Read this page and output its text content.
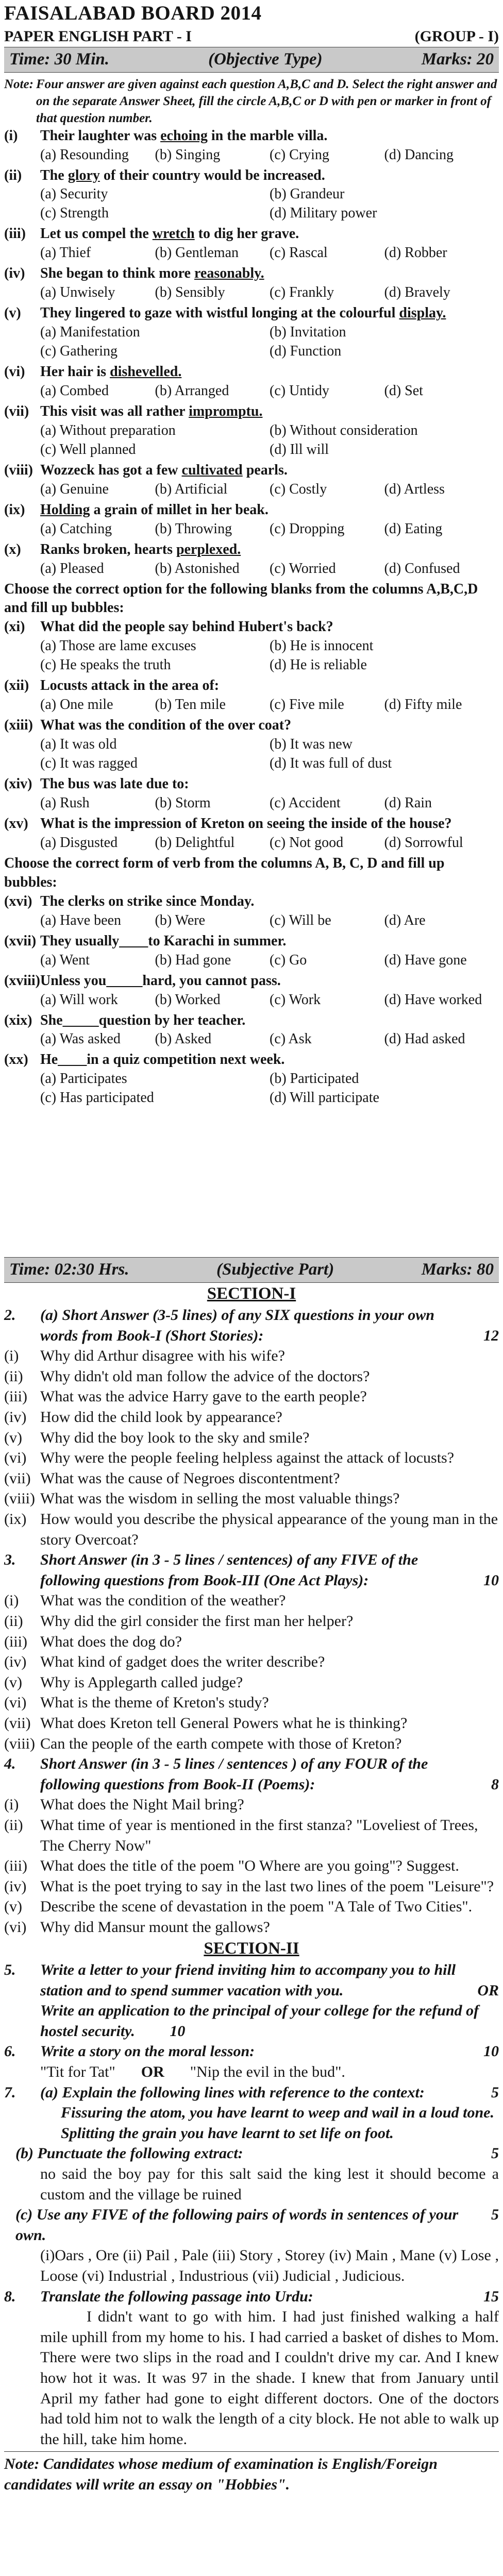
FAISALABAD BOARD 2014
PAPER ENGLISH PART - I	(GROUP - I)
Time: 30 Min.	(Objective Type)	Marks: 20
Note: Four answer are given against each question A,B,C and D. Select the right answer and on the separate Answer Sheet, fill the circle A,B,C or D with pen or marker in front of that question number.
(i)	Their laughter was echoing in the marble villa.
(a) Resounding	(b) Singing	(c) Crying	(d) Dancing
(ii)	The glory of their country would be increased.
(a) Security	(b) Grandeur
(c) Strength	(d) Military power
(iii)	Let us compel the wretch to dig her grave.
(a) Thief	(b) Gentleman	(c) Rascal	(d) Robber
(iv)	She began to think more reasonably.
(a) Unwisely	(b) Sensibly	(c) Frankly	(d) Bravely
(v)	They lingered to gaze with wistful longing at the colourful display.
(a) Manifestation	(b) Invitation
(c) Gathering	(d) Function
(vi)	Her hair is dishevelled.
(a) Combed	(b) Arranged	(c) Untidy	(d) Set
(vii) This visit was all rather impromptu.
(a) Without preparation	(b) Without consideration
(c) Well planned	(d) Ill will
(viii) Wozzeck has got a few cultivated pearls.
(a) Genuine	(b) Artificial	(c) Costly	(d) Artless
(ix)	Holding a grain of millet in her beak.
(a) Catching	(b) Throwing	(c) Dropping	(d) Eating
(x)	Ranks broken, hearts perplexed.
(a) Pleased	(b) Astonished	(c) Worried	(d) Confused
Choose the correct option for the following blanks from the columns A,B,C,D and fill up bubbles:
(xi)	What did the people say behind Hubert's back?
(a) Those are lame excuses	(b) He is innocent
(c) He speaks the truth	(d) He is reliable
(xii) Locusts attack in the area of:
(a) One mile	(b) Ten mile	(c) Five mile	(d) Fifty mile
(xiii) What was the condition of the over coat?
(a) It was old	(b) It was new
(c) It was ragged	(d) It was full of dust
(xiv) The bus was late due to:
(a) Rush	(b) Storm	(c) Accident	(d) Rain
(xv) What is the impression of Kreton on seeing the inside of the house?
(a) Disgusted	(b) Delightful	(c) Not good	(d) Sorrowful
Choose the correct form of verb from the columns A, B, C, D and fill up bubbles:
(xvi) The clerks on strike since Monday.
(a) Have been	(b) Were	(c) Will be	(d) Are
(xvii) They usually____to Karachi in summer.
(a) Went	(b) Had gone	(c) Go	(d) Have gone
(xviii) Unless you_____hard, you cannot pass.
(a) Will work	(b) Worked	(c) Work	(d) Have worked
(xix) She_____question by her teacher.
(a) Was asked	(b) Asked	(c) Ask	(d) Had asked
(xx) He____in a quiz competition next week.
(a) Participates	(b) Participated
(c) Has participated	(d) Will participate
Time: 02:30 Hrs.	(Subjective Part)	Marks: 80
SECTION-I
2.	(a) Short Answer (3-5 lines) of any SIX questions in your own words from Book-I (Short Stories):	12
(i)	Why did Arthur disagree with his wife?
(ii)	Why didn't old man follow the advice of the doctors?
(iii) What was the advice Harry gave to the earth people?
(iv) How did the child look by appearance?
(v)	Why did the boy look to the sky and smile?
(vi) Why were the people feeling helpless against the attack of locusts?
(vii) What was the cause of Negroes discontentment?
(viii) What was the wisdom in selling the most valuable things?
(ix) How would you describe the physical appearance of the young man in the story Overcoat?
3.	Short Answer (in 3 - 5 lines / sentences) of any FIVE of the following questions from Book-III (One Act Plays):	10
(i)	What was the condition of the weather?
(ii)	Why did the girl consider the first man her helper?
(iii) What does the dog do?
(iv) What kind of gadget does the writer describe?
(v)	Why is Applegarth called judge?
(vi) What is the theme of Kreton's study?
(vii) What does Kreton tell General Powers what he is thinking?
(viii) Can the people of the earth compete with those of Kreton?
4.	Short Answer (in 3 - 5 lines / sentences ) of any FOUR of the following questions from Book-II (Poems):	8
(i)	What does the Night Mail bring?
(ii)	What time of year is mentioned in the first stanza? "Loveliest of Trees, The Cherry Now"
(iii) What does the title of the poem "O Where are you going"? Suggest.
(iv) What is the poet trying to say in the last two lines of the poem "Leisure"?
(v)	Describe the scene of devastation in the poem "A Tale of Two Cities".
(vi) Why did Mansur mount the gallows?
SECTION-II
5.	Write a letter to your friend inviting him to accompany you to hill station and to spend summer vacation with you.	OR

Write an application to the principal of your college for the refund of hostel security. 10
6.	Write a story on the moral lesson:	10
"Tit for Tat" OR "Nip the evil in the bud".
7.	(a) Explain the following lines with reference to the context:	5
Fissuring the atom, you have learnt to weep and wail in a loud tone.
Splitting the grain you have learnt to set life on foot.
(b) Punctuate the following extract:	5
no said the boy pay for this salt said the king lest it should become a custom and the village be ruined
(c) Use any FIVE of the following pairs of words in sentences of your own.
5
(i)Oars , Ore (ii) Pail , Pale (iii) Story , Storey (iv) Main , Mane (v) Lose , Loose (vi) Industrial , Industrious (vii) Judicial , Judicious.
8.	Translate the following passage into Urdu:	15
I didn't want to go with him. I had just finished walking a half mile uphill from my home to his. I had carried a basket of dishes to Mom. There were two slips in the road and I couldn't drive my car. And I knew how hot it was. It was 97 in the shade. I knew that from January until April my father had gone to eight different doctors. One of the doctors had told him not to walk the length of a city block. He not able to walk up the hill, take him home.
Note: Candidates whose medium of examination is English/Foreign candidates will write an essay on "Hobbies".
